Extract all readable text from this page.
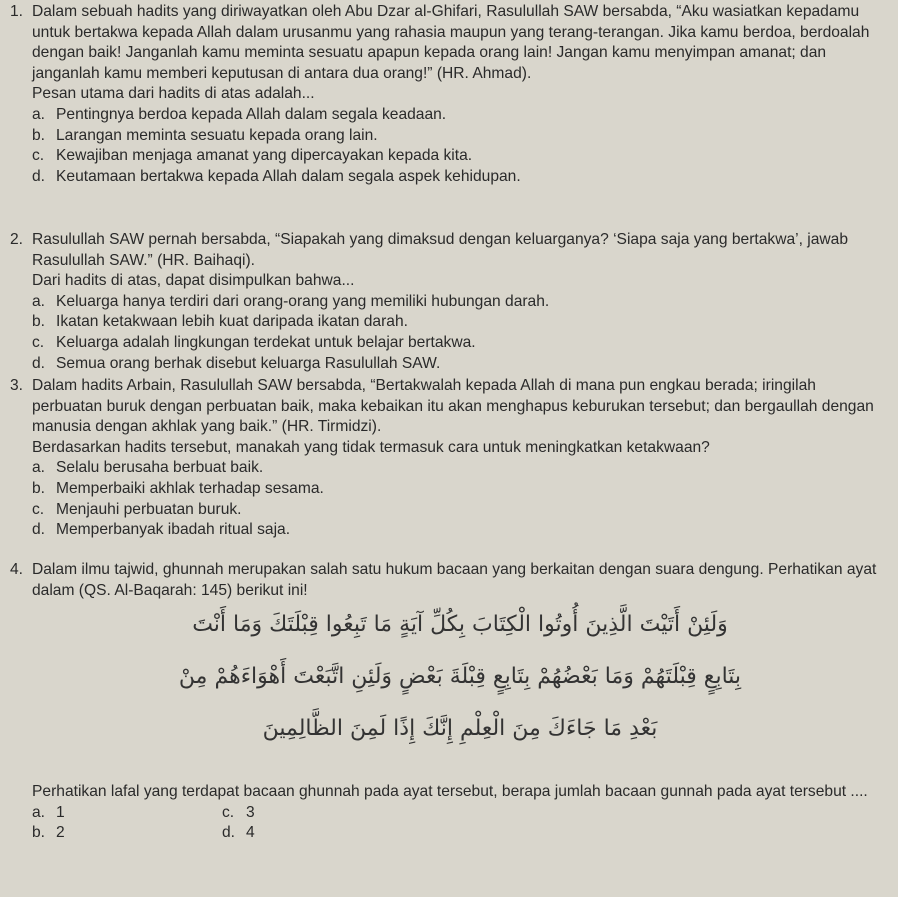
1. Dalam sebuah hadits yang diriwayatkan oleh Abu Dzar al-Ghifari, Rasulullah SAW bersabda, “Aku wasiatkan kepadamu untuk bertakwa kepada Allah dalam urusanmu yang rahasia maupun yang terang-terangan. Jika kamu berdoa, berdoalah dengan baik! Janganlah kamu meminta sesuatu apapun kepada orang lain! Jangan kamu menyimpan amanat; dan janganlah kamu memberi keputusan di antara dua orang!” (HR. Ahmad).
Pesan utama dari hadits di atas adalah...
a. Pentingnya berdoa kepada Allah dalam segala keadaan.
b. Larangan meminta sesuatu kepada orang lain.
c. Kewajiban menjaga amanat yang dipercayakan kepada kita.
d. Keutamaan bertakwa kepada Allah dalam segala aspek kehidupan.
2. Rasulullah SAW pernah bersabda, “Siapakah yang dimaksud dengan keluarganya? ‘Siapa saja yang bertakwa’, jawab Rasulullah SAW.” (HR. Baihaqi).
Dari hadits di atas, dapat disimpulkan bahwa...
a. Keluarga hanya terdiri dari orang-orang yang memiliki hubungan darah.
b. Ikatan ketakwaan lebih kuat daripada ikatan darah.
c. Keluarga adalah lingkungan terdekat untuk belajar bertakwa.
d. Semua orang berhak disebut keluarga Rasulullah SAW.
3. Dalam hadits Arbain, Rasulullah SAW bersabda, “Bertakwalah kepada Allah di mana pun engkau berada; iringilah perbuatan buruk dengan perbuatan baik, maka kebaikan itu akan menghapus keburukan tersebut; dan bergaullah dengan manusia dengan akhlak yang baik.” (HR. Tirmidzi).
Berdasarkan hadits tersebut, manakah yang tidak termasuk cara untuk meningkatkan ketakwaan?
a. Selalu berusaha berbuat baik.
b. Memperbaiki akhlak terhadap sesama.
c. Menjauhi perbuatan buruk.
d. Memperbanyak ibadah ritual saja.
4. Dalam ilmu tajwid, ghunnah merupakan salah satu hukum bacaan yang berkaitan dengan suara dengung. Perhatikan ayat dalam (QS. Al-Baqarah: 145) berikut ini!
وَلَئِنْ أَتَيْتَ الَّذِينَ أُوتُوا الْكِتَابَ بِكُلِّ آيَةٍ مَا تَبِعُوا قِبْلَتَكَ وَمَا أَنْتَ
بِتَابِعٍ قِبْلَتَهُمْ وَمَا بَعْضُهُمْ بِتَابِعٍ قِبْلَةَ بَعْضٍ وَلَئِنِ اتَّبَعْتَ أَهْوَاءَهُمْ مِنْ
بَعْدِ مَا جَاءَكَ مِنَ الْعِلْمِ إِنَّكَ إِذًا لَمِنَ الظَّالِمِينَ
Perhatikan lafal yang terdapat bacaan ghunnah pada ayat tersebut, berapa jumlah bacaan gunnah pada ayat tersebut ....
a. 1	c. 3
b. 2	d. 4
